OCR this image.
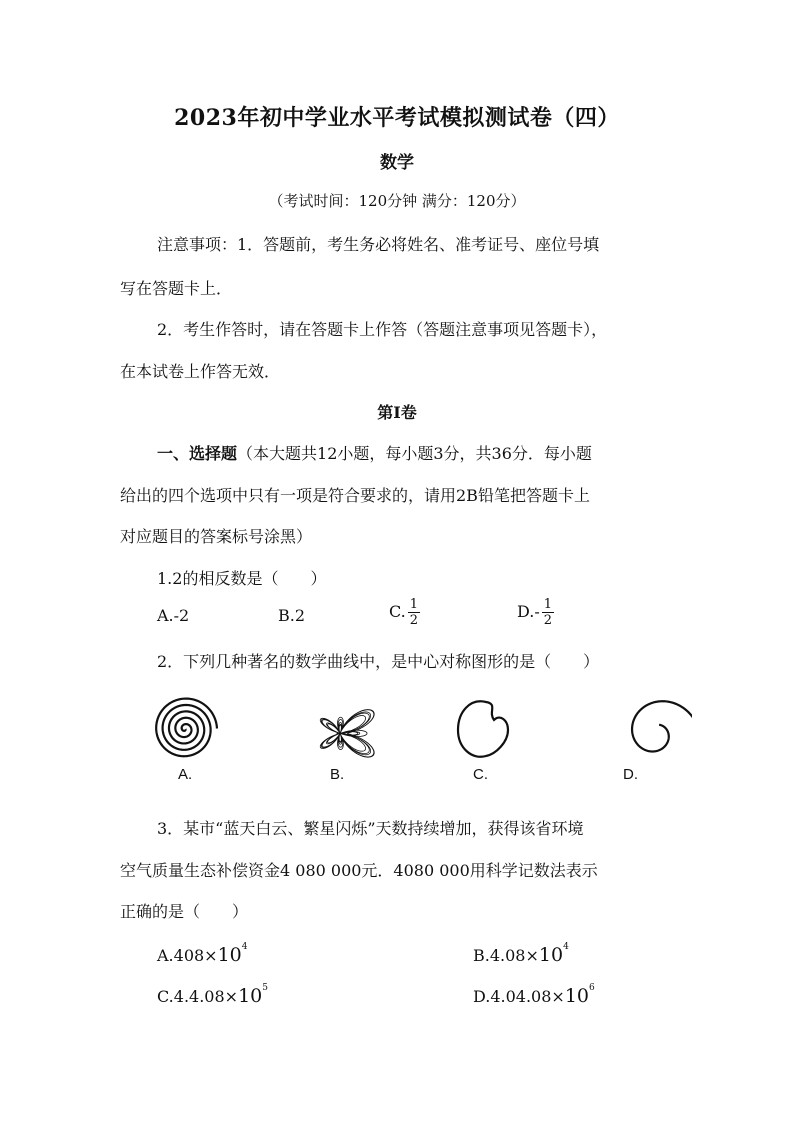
2023年初中学业水平考试模拟测试卷（四）
数学
（考试时间：120分钟 满分：120分）
注意事项：1．答题前，考生务必将姓名、准考证号、座位号填
写在答题卡上．
2．考生作答时，请在答题卡上作答（答题注意事项见答题卡），
在本试卷上作答无效．
第Ⅰ卷
一、选择题（本大题共12小题，每小题3分，共36分．每小题
给出的四个选项中只有一项是符合要求的，请用2B铅笔把答题卡上
对应题目的答案标号涂黑）
1.2的相反数是（　　）
A.-2	B.2	C. $\frac{1}{2}$	$D.- \frac{1}{2}$
2．下列几种著名的数学曲线中，是中心对称图形的是（　　）
A.	B.	C.	D.
3．某市“蓝天白云、繁星闪烁”天数持续增加，获得该省环境
空气质量生态补偿资金4 080 000元．4080 000用科学记数法表示
正确的是（　　）
$A.408\times 10^4$	$B.4.08\times 10^4$
$C.4.4.08\times 10^5$	$D.4.04.08\times 10^6$
